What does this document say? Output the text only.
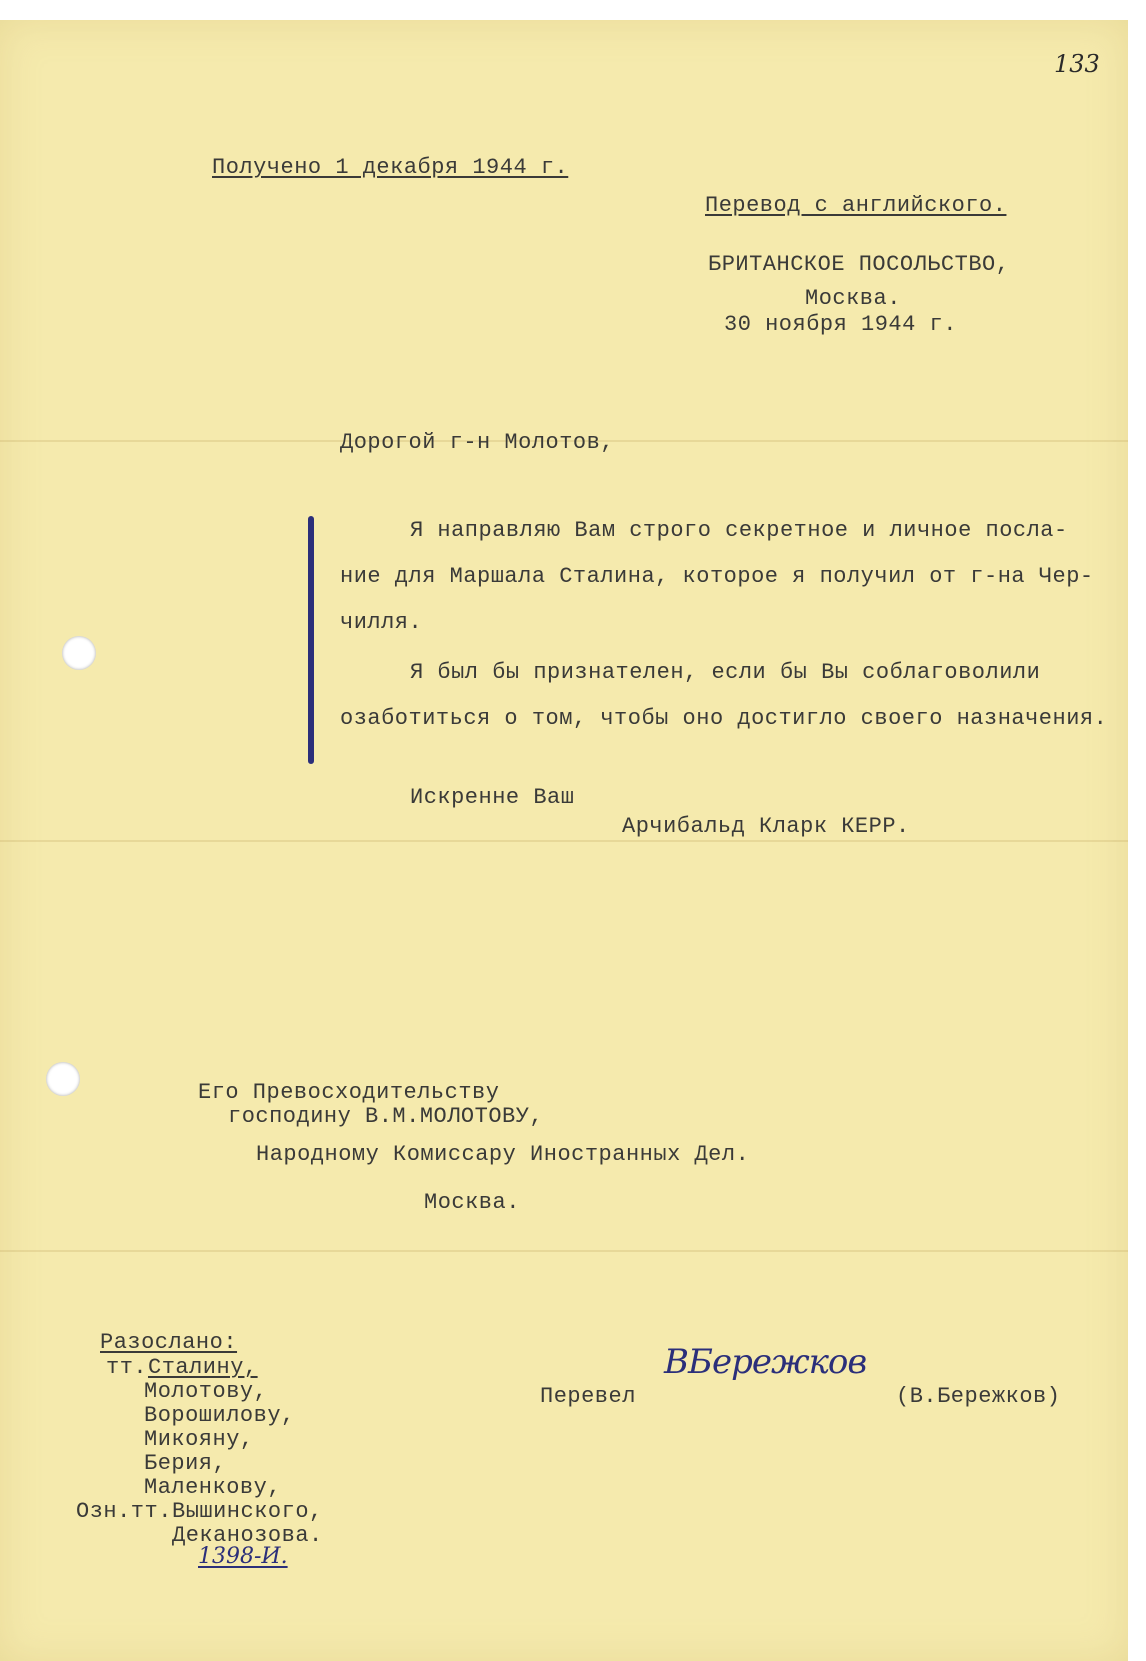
133
Получено 1 декабря 1944 г.
Перевод с английского.
БРИТАНСКОЕ ПОСОЛЬСТВО,
Москва.
30 ноября 1944 г.
Дорогой г-н Молотов,
Я направляю Вам строго секретное и личное посла-
ние для Маршала Сталина, которое я получил от г-на Чер-
чилля.
Я был бы признателен, если бы Вы соблаговолили
озаботиться о том, чтобы оно достигло своего назначения.
Искренне Ваш
Арчибальд Кларк КЕРР.
Его Превосходительству
господину В.М.МОЛОТОВУ,
Народному Комиссару Иностранных Дел.
Москва.
Разослано:
тт. Сталину,
Молотову,
Ворошилову,
Микояну,
Берия,
Маленкову,
Озн.тт. Вышинского,
Деканозова.
1398-И.
Перевел
ВБережков
(В.Бережков)
